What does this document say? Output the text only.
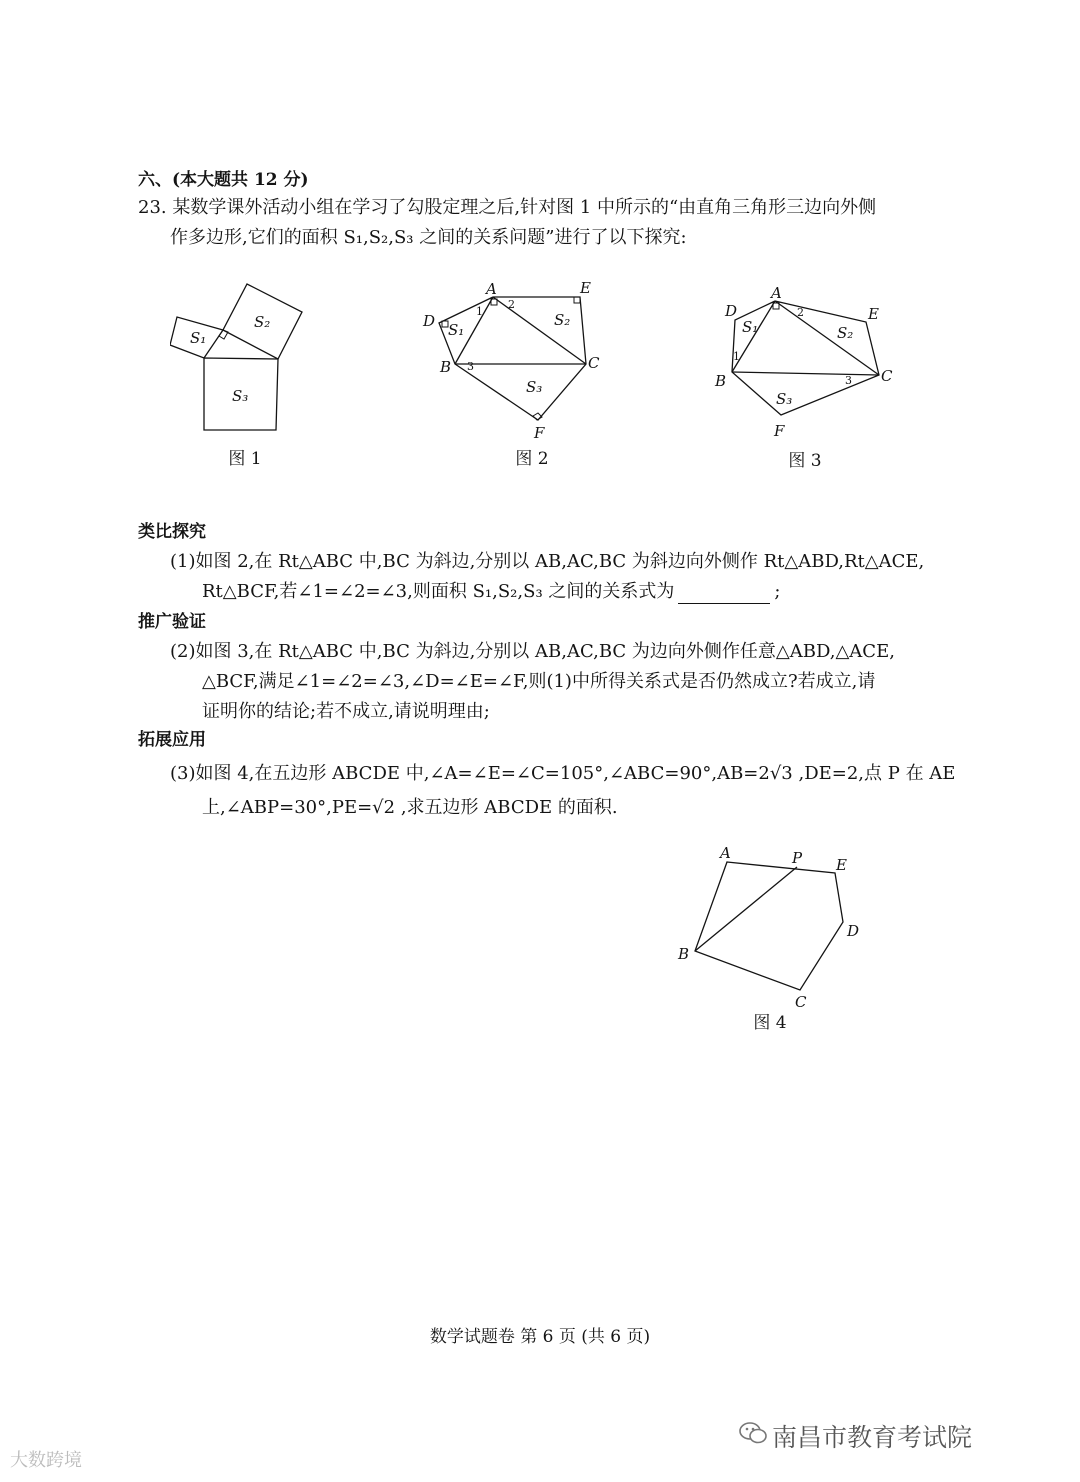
六、(本大题共 12 分)
23. 某数学课外活动小组在学习了勾股定理之后,针对图 1 中所示的“由直角三角形三边向外侧
作多边形,它们的面积 S₁,S₂,S₃ 之间的关系问题”进行了以下探究:
S₁
S₂
S₃
图 1
A	E
D S₁
S₂
B	C
S₃
F
1
2
3
图 2
D
A
S₁
2
S₂
E
1
B	C
3
S₃
F
图 3
类比探究
(1)如图 2,在 Rt△ABC 中,BC 为斜边,分别以 AB,AC,BC 为斜边向外侧作 Rt△ABD,Rt△ACE,
Rt△BCF,若∠1=∠2=∠3,则面积 S₁,S₂,S₃ 之间的关系式为	;
推广验证
(2)如图 3,在 Rt△ABC 中,BC 为斜边,分别以 AB,AC,BC 为边向外侧作任意△ABD,△ACE,
△BCF,满足∠1=∠2=∠3,∠D=∠E=∠F,则(1)中所得关系式是否仍然成立?若成立,请
证明你的结论;若不成立,请说明理由;
拓展应用
(3)如图 4,在五边形 ABCDE 中,∠A=∠E=∠C=105°,∠ABC=90°,AB=2√3 ,DE=2,点 P 在 AE
上,∠ABP=30°,PE=√2 ,求五边形 ABCDE 的面积.
A	P E
D
B
C
图 4
数学试题卷 第 6 页 (共 6 页)
南昌市教育考试院
大数跨境
